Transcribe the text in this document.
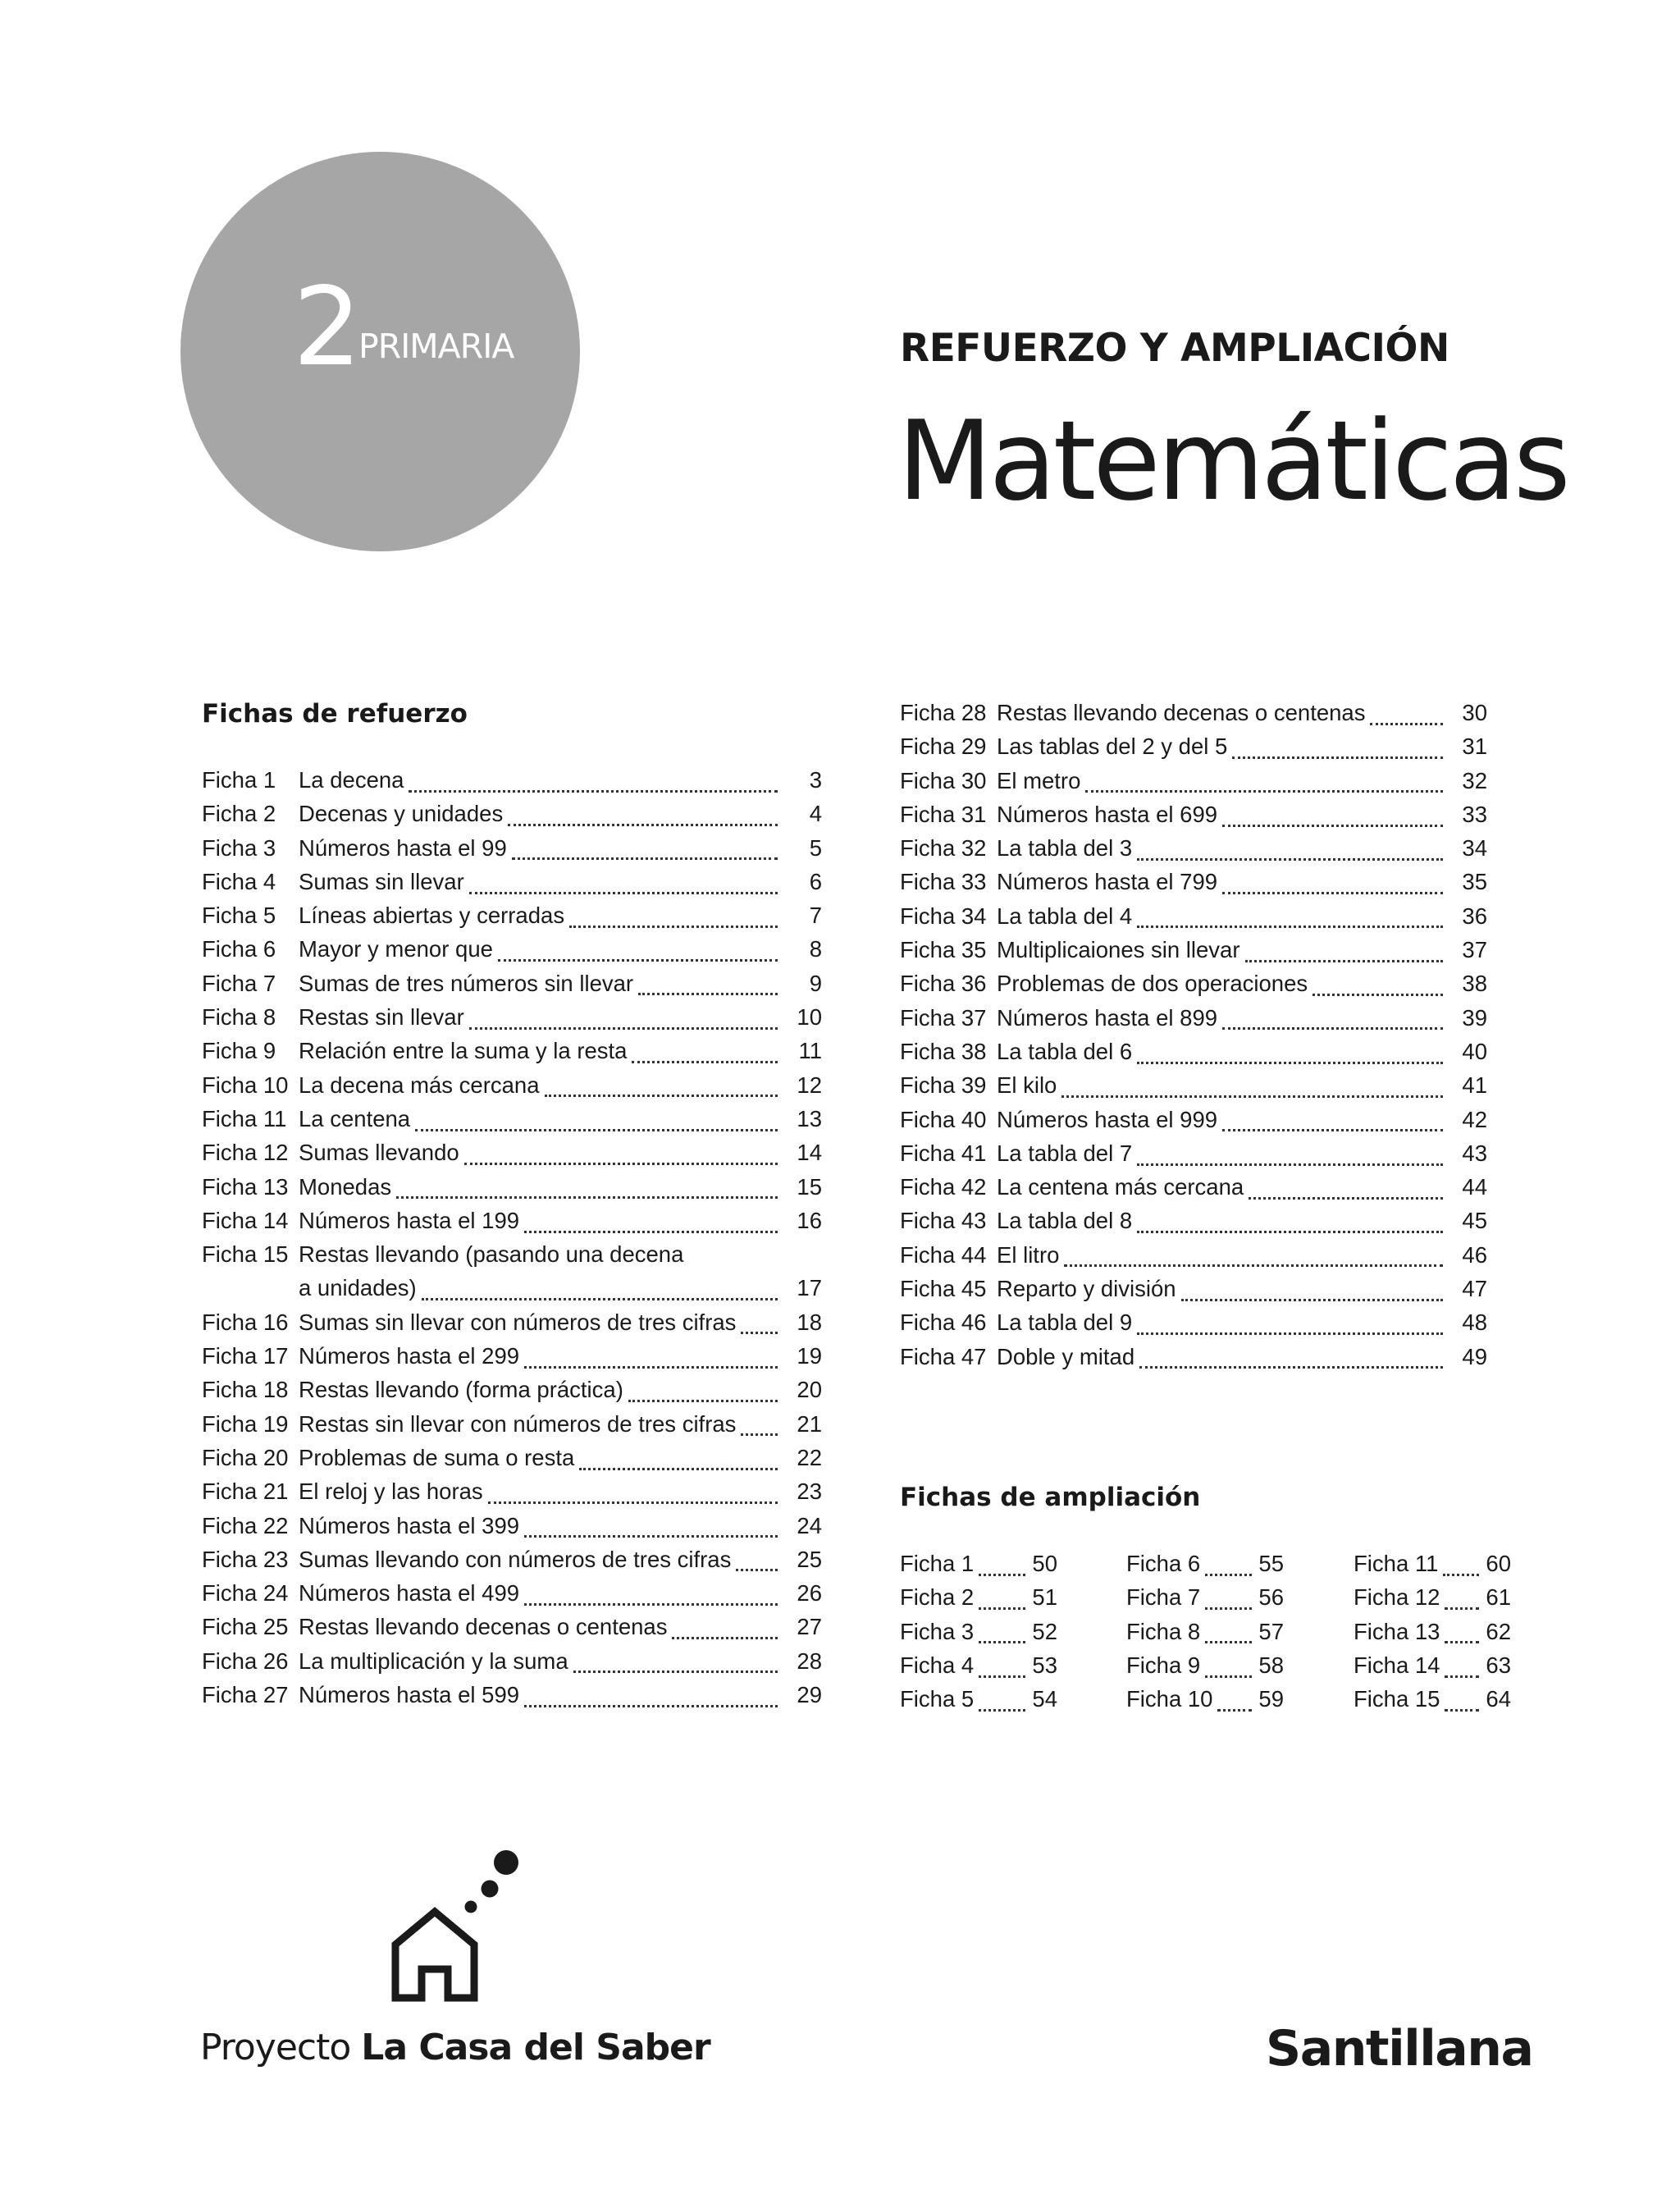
2
PRIMARIA	REFUERZO Y AMPLIACIÓN
Matemáticas
Fichas de refuerzo
Ficha 1	La decena	3
Ficha 2	Decenas y unidades	4
Ficha 3	Números hasta el 99	5
Ficha 4	Sumas sin llevar	6
Ficha 5	Líneas abiertas y cerradas	7
Ficha 6	Mayor y menor que	8
Ficha 7	Sumas de tres números sin llevar	9
Ficha 8	Restas sin llevar	10
Ficha 9	Relación entre la suma y la resta	11
Ficha 10 La decena más cercana	12
Ficha 11 La centena	13
Ficha 12 Sumas llevando	14
Ficha 13 Monedas	15
Ficha 14 Números hasta el 199	16
Ficha 15 Restas llevando (pasando una decena
a unidades)	17
Ficha 16 Sumas sin llevar con números de tres cifras	18
Ficha 17 Números hasta el 299	19
Ficha 18 Restas llevando (forma práctica)	20
Ficha 19 Restas sin llevar con números de tres cifras	21
Ficha 20 Problemas de suma o resta	22
Ficha 21 El reloj y las horas	23
Ficha 22 Números hasta el 399	24
Ficha 23 Sumas llevando con números de tres cifras	25
Ficha 24 Números hasta el 499	26
Ficha 25 Restas llevando decenas o centenas	27
Ficha 26 La multiplicación y la suma	28
Ficha 27 Números hasta el 599	29
Ficha 28 Restas llevando decenas o centenas	30
Ficha 29 Las tablas del 2 y del 5	31
Ficha 30 El metro	32
Ficha 31 Números hasta el 699	33
Ficha 32 La tabla del 3	34
Ficha 33 Números hasta el 799	35
Ficha 34 La tabla del 4	36
Ficha 35 Multiplicaiones sin llevar	37
Ficha 36 Problemas de dos operaciones	38
Ficha 37 Números hasta el 899	39
Ficha 38 La tabla del 6	40
Ficha 39 El kilo	41
Ficha 40 Números hasta el 999	42
Ficha 41 La tabla del 7	43
Ficha 42 La centena más cercana	44
Ficha 43 La tabla del 8	45
Ficha 44 El litro	46
Ficha 45 Reparto y división	47
Ficha 46 La tabla del 9	48
Ficha 47 Doble y mitad	49
Fichas de ampliación
Ficha 1	50
Ficha 2	51
Ficha 3	52
Ficha 4	53
Ficha 5	54
Ficha 6	55
Ficha 7	56
Ficha 8	57
Ficha 9	58
Ficha 10 59
Ficha 11 60
Ficha 12 61
Ficha 13 62
Ficha 14 63
Ficha 15 64
Proyecto La Casa del Saber	Santillana
